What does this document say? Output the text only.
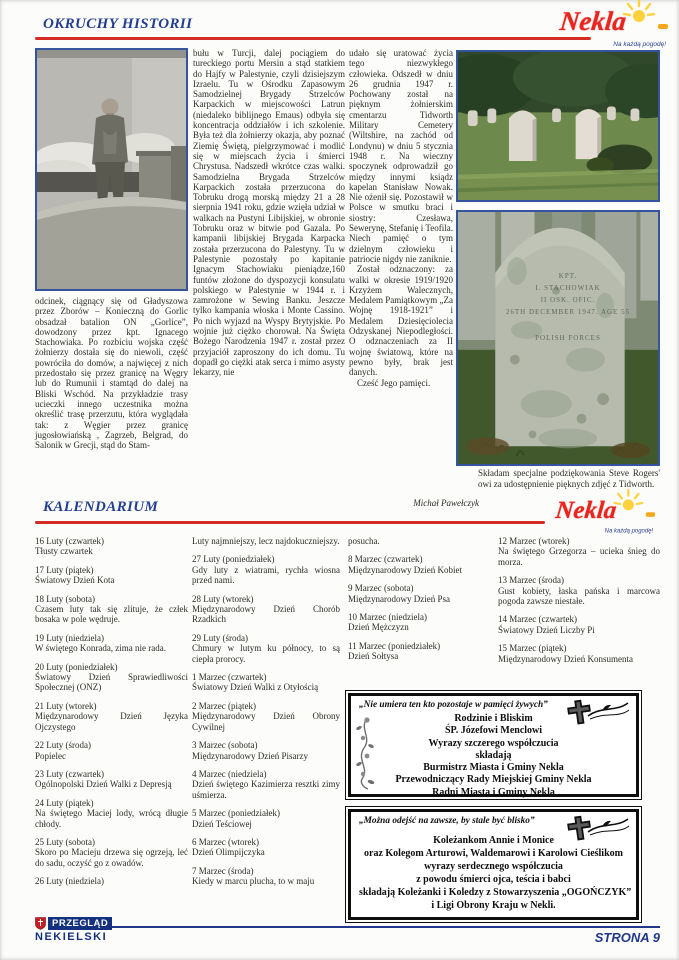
OKRUCHY HISTORII	Nekla
Na każdą pogodę!

odcinek, ciągnący się od Gładyszowa przez Zborów – Konieczną do Gorlic obsadzał batalion ON „Gorlice”, dowodzony przez kpt. Ignacego Stachowiaka. Po rozbiciu wojska część żołnierzy dostała się do niewoli, część powróciła do domów, a najwięcej z nich przedostało się przez granicę na Węgry lub do Rumunii i stamtąd do dalej na Bliski Wschód. Na przykładzie trasy ucieczki innego uczestnika można określić trasę przerzutu, która wyglądała tak: z Węgier przez granicę jugosłowiańską , Zagrzeb, Belgrad, do Salonik w Grecji, stąd do Stam-

bułu w Turcji, dalej pociągiem do tureckiego portu Mersin a stąd statkiem do Hajfy w Palestynie, czyli dzisiejszym Izraelu. Tu w Ośrodku Zapasowym Samodzielnej Brygady Strzelców Karpackich w miejscowości Latrun (niedaleko biblijnego Emaus) odbyła się koncentracja oddziałów i ich szkolenie. Była też dla żołnierzy okazja, aby poznać Ziemię Świętą, pielgrzymować i modlić się w miejscach życia i śmierci Chrystusa. Nadszedł wkrótce czas walki. Samodzielna Brygada Strzelców Karpackich została przerzucona do Tobruku drogą morską między 21 a 28 sierpnia 1941 roku, gdzie wzięła udział w walkach na Pustyni Libijskiej, w obronie Tobruku oraz w bitwie pod Gazala. Po kampanii libijskiej Brygada Karpacka została przerzucona do Palestyny. Tu w Palestynie pozostały po kapitanie Ignacym Stachowiaku pieniądze,160 funtów złożone do dyspozycji konsulatu polskiego w Palestynie w 1944 r. i zamrożone w Sewing Banku. Jeszcze tylko kampania włoska i Monte Cassino. Po nich wyjazd na Wyspy Brytyjskie. Po wojnie już ciężko chorował. Na Święta Bożego Narodzenia 1947 r. został przez przyjaciół zaproszony do ich domu. Tu dopadł go ciężki atak serca i mimo asysty lekarzy, nie

udało się uratować życia tego niezwykłego człowieka. Odszedł w dniu 26 grudnia 1947 r. Pochowany został na pięknym żołnierskim cmentarzu Tidworth Military Cemetery (Wiltshire, na zachód od Londynu) w dniu 5 stycznia 1948 r. Na wieczny spoczynek odprowadził go między innymi ksiądz kapelan Stanisław Nowak. Nie ożenił się. Pozostawił w Polsce w smutku braci i siostry: Czesława, Sewerynę, Stefanię i Teofila. Niech pamięć o tym dzielnym człowieku i patriocie nigdy nie zaniknie.

Został odznaczony: za walki w okresie 1919/1920 Krzyżem Walecznych, Medalem Pamiątkowym „Za Wojnę 1918-1921” i Medalem Dziesięciolecia Odzyskanej Niepodległości. O odznaczeniach za II wojnę światową, które na pewno były, brak jest danych.

Cześć Jego pamięci.

Michał Pawełczyk
KPT.
I. STACHOWIAK
II OSK. OFIC.
26TH DECEMBER 1947. AGE 55
POLISH FORCES
Składam specjalne podziękowania Steve Rogers' owi za udostępnienie pięknych zdjęć z Tidworth.
KALENDARIUM	Nekla
Na każdą pogodę!
16 Luty (czwartek)
Tłusty czwartek
17 Luty (piątek)
Światowy Dzień Kota
18 Luty (sobota)
Czasem luty tak się zlituje, że człek bosaka w pole wędruje.
19 Luty (niedziela)
W świętego Konrada, zima nie rada.
20 Luty (poniedziałek)
Światowy Dzień Sprawiedliwości Społecznej (ONZ)
21 Luty (wtorek)
Międzynarodowy Dzień Języka Ojczystego
22 Luty (środa)
Popielec
23 Luty (czwartek)
Ogólnopolski Dzień Walki z Depresją
24 Luty (piątek)
Na świętego Maciej lody, wrócą długie chłody.
25 Luty (sobota)
Skoro po Macieju drzewa się ogrzeją, leć do sadu, oczyść go z owadów.
26 Luty (niedziela)
Luty najmniejszy, lecz najdokuczniejszy.
27 Luty (poniedziałek)
Gdy luty z wiatrami, rychła wiosna przed nami.
28 Luty (wtorek)
Międzynarodowy Dzień Chorób Rzadkich
29 Luty (środa)
Chmury w lutym ku północy, to są ciepła prorocy.
1 Marzec (czwartek)
Światowy Dzień Walki z Otyłością
2 Marzec (piątek)
Międzynarodowy Dzień Obrony Cywilnej
3 Marzec (sobota)
Międzynarodowy Dzień Pisarzy
4 Marzec (niedziela)
Dzień świętego Kazimierza resztki zimy uśmierza.
5 Marzec (poniedziałek)
Dzień Teściowej
6 Marzec (wtorek)
Dzień Olimpijczyka
7 Marzec (środa)
Kiedy w marcu plucha, to w maju
posucha.
8 Marzec (czwartek)
Międzynarodowy Dzień Kobiet
9 Marzec (sobota)
Międzynarodowy Dzień Psa
10 Marzec (niedziela)
Dzień Mężczyzn
11 Marzec (poniedziałek)
Dzień Sołtysa
12 Marzec (wtorek)
Na świętego Grzegorza – ucieka śnieg do morza.
13 Marzec (środa)
Gust kobiety, łaska pańska i marcowa pogoda zawsze niestałe.
14 Marzec (czwartek)
Światowy Dzień Liczby Pi
15 Marzec (piątek)
Międzynarodowy Dzień Konsumenta
„Nie umiera ten kto pozostaje w pamięci żywych”
Rodzinie i Bliskim
ŚP. Józefowi Menclowi
Wyrazy szczerego współczucia
składają
Burmistrz Miasta i Gminy Nekla
Przewodniczący Rady Miejskiej Gminy Nekla
Radni Miasta i Gminy Nekla
„Można odejść na zawsze, by stale być blisko”
Koleżankom Annie i Monice
oraz Kolegom Arturowi, Waldemarowi i Karolowi Cieślikom
wyrazy serdecznego współczucia
z powodu śmierci ojca, teścia i babci
składają Koleżanki i Koledzy z Stowarzyszenia „OGOŃCZYK”
i Ligi Obrony Kraju w Nekli.
PRZEGLĄD
NEKIELSKI	STRONA 9
